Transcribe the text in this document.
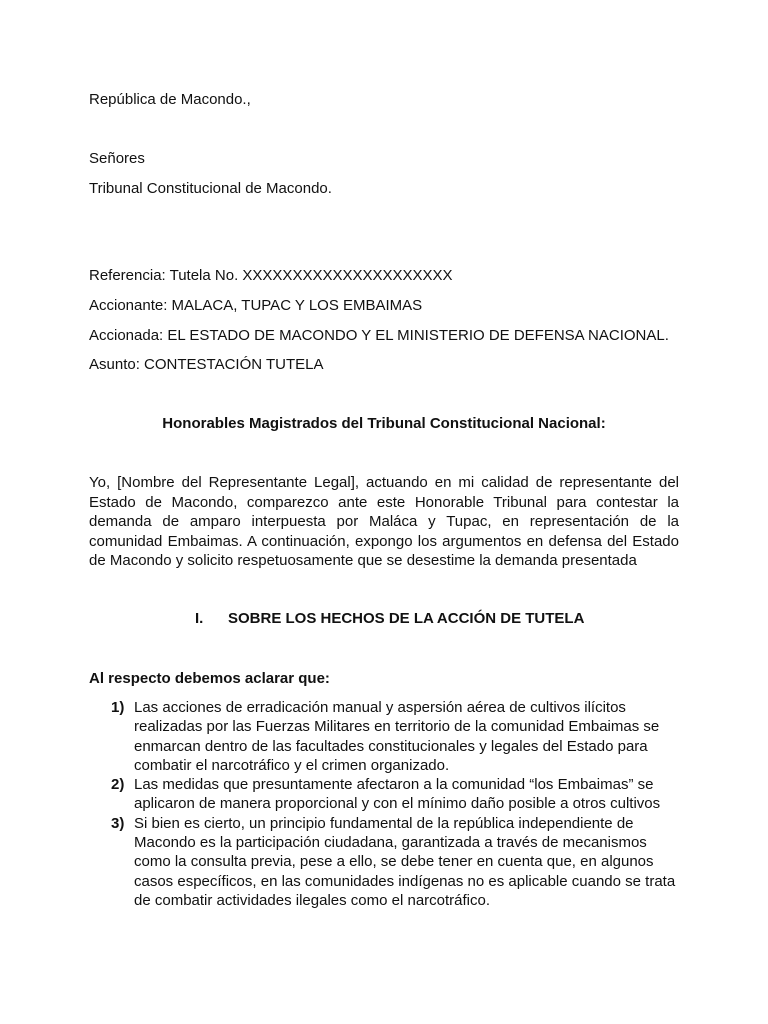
República de Macondo.,
Señores
Tribunal Constitucional de Macondo.
Referencia: Tutela No. XXXXXXXXXXXXXXXXXXXXX
Accionante: MALACA, TUPAC Y LOS EMBAIMAS
Accionada: EL ESTADO DE MACONDO Y EL MINISTERIO DE DEFENSA NACIONAL.
Asunto: CONTESTACIÓN TUTELA
Honorables Magistrados del Tribunal Constitucional Nacional:
Yo, [Nombre del Representante Legal], actuando en mi calidad de representante del Estado de Macondo, comparezco ante este Honorable Tribunal para contestar la demanda de amparo interpuesta por Maláca y Tupac, en representación de la comunidad Embaimas. A continuación, expongo los argumentos en defensa del Estado de Macondo y solicito respetuosamente que se desestime la demanda presentada
I. SOBRE LOS HECHOS DE LA ACCIÓN DE TUTELA
Al respecto debemos aclarar que:
1) Las acciones de erradicación manual y aspersión aérea de cultivos ilícitos realizadas por las Fuerzas Militares en territorio de la comunidad Embaimas se enmarcan dentro de las facultades constitucionales y legales del Estado para combatir el narcotráfico y el crimen organizado.
2) Las medidas que presuntamente afectaron a la comunidad “los Embaimas” se aplicaron de manera proporcional y con el mínimo daño posible a otros cultivos
3) Si bien es cierto, un principio fundamental de la república independiente de Macondo es la participación ciudadana, garantizada a través de mecanismos como la consulta previa, pese a ello, se debe tener en cuenta que, en algunos casos específicos, en las comunidades indígenas no es aplicable cuando se trata de combatir actividades ilegales como el narcotráfico.
